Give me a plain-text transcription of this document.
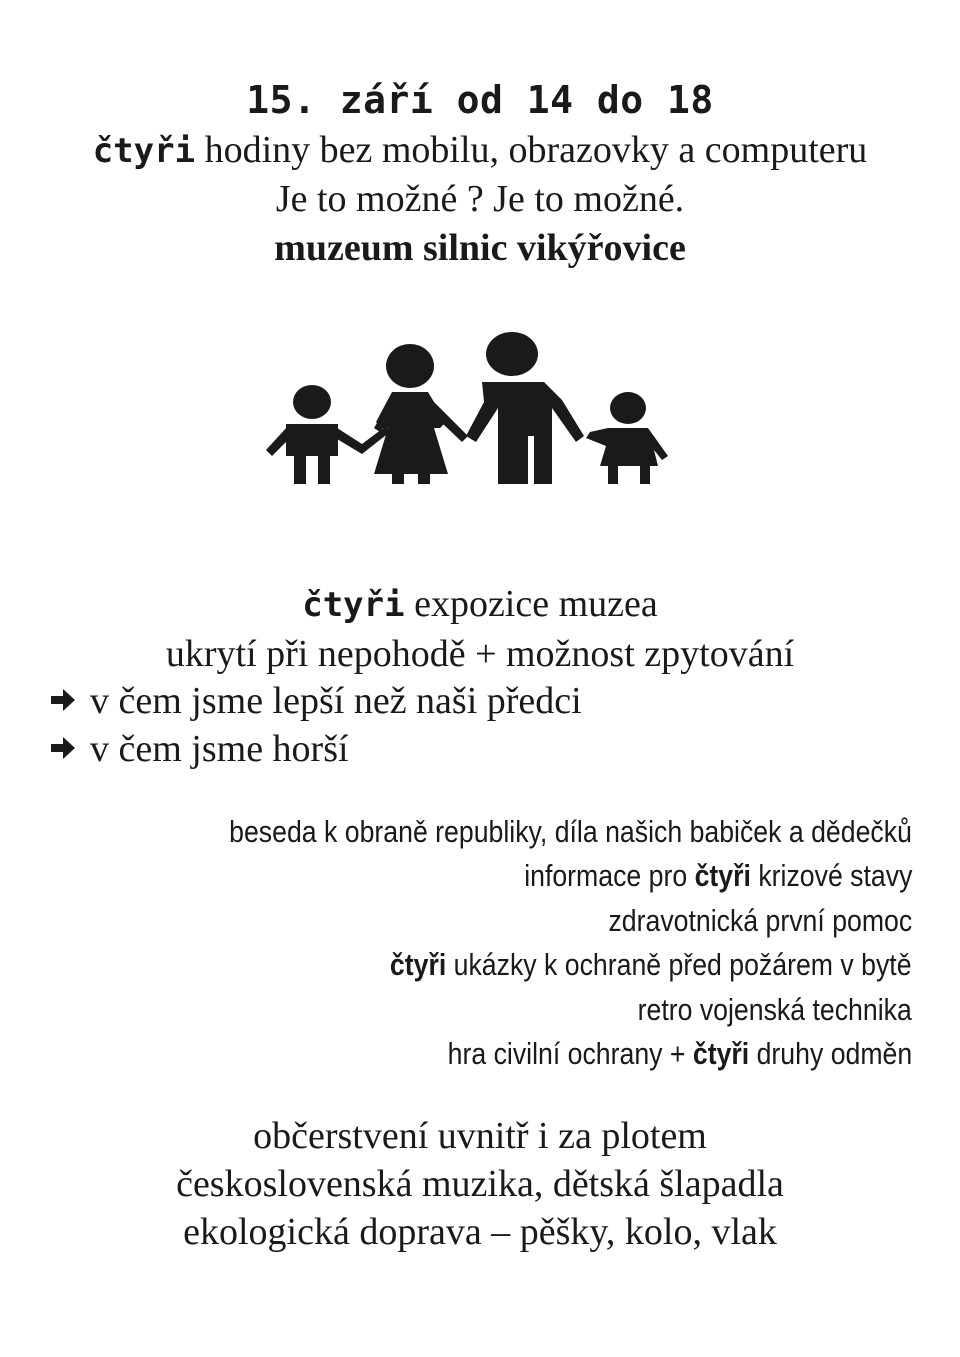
15. září od 14 do 18
čtyři hodiny bez mobilu, obrazovky a computeru
Je to možné ? Je to možné.
muzeum silnic vikýřovice
čtyři expozice muzea
ukrytí při nepohodě + možnost zpytování
v čem jsme lepší než naši předci
v čem jsme horší
beseda k obraně republiky, díla našich babiček a dědečků
informace pro čtyři krizové stavy
zdravotnická první pomoc
čtyři ukázky k ochraně před požárem v bytě
retro vojenská technika
hra civilní ochrany + čtyři druhy odměn
občerstvení uvnitř i za plotem
československá muzika, dětská šlapadla
ekologická doprava – pěšky, kolo, vlak
